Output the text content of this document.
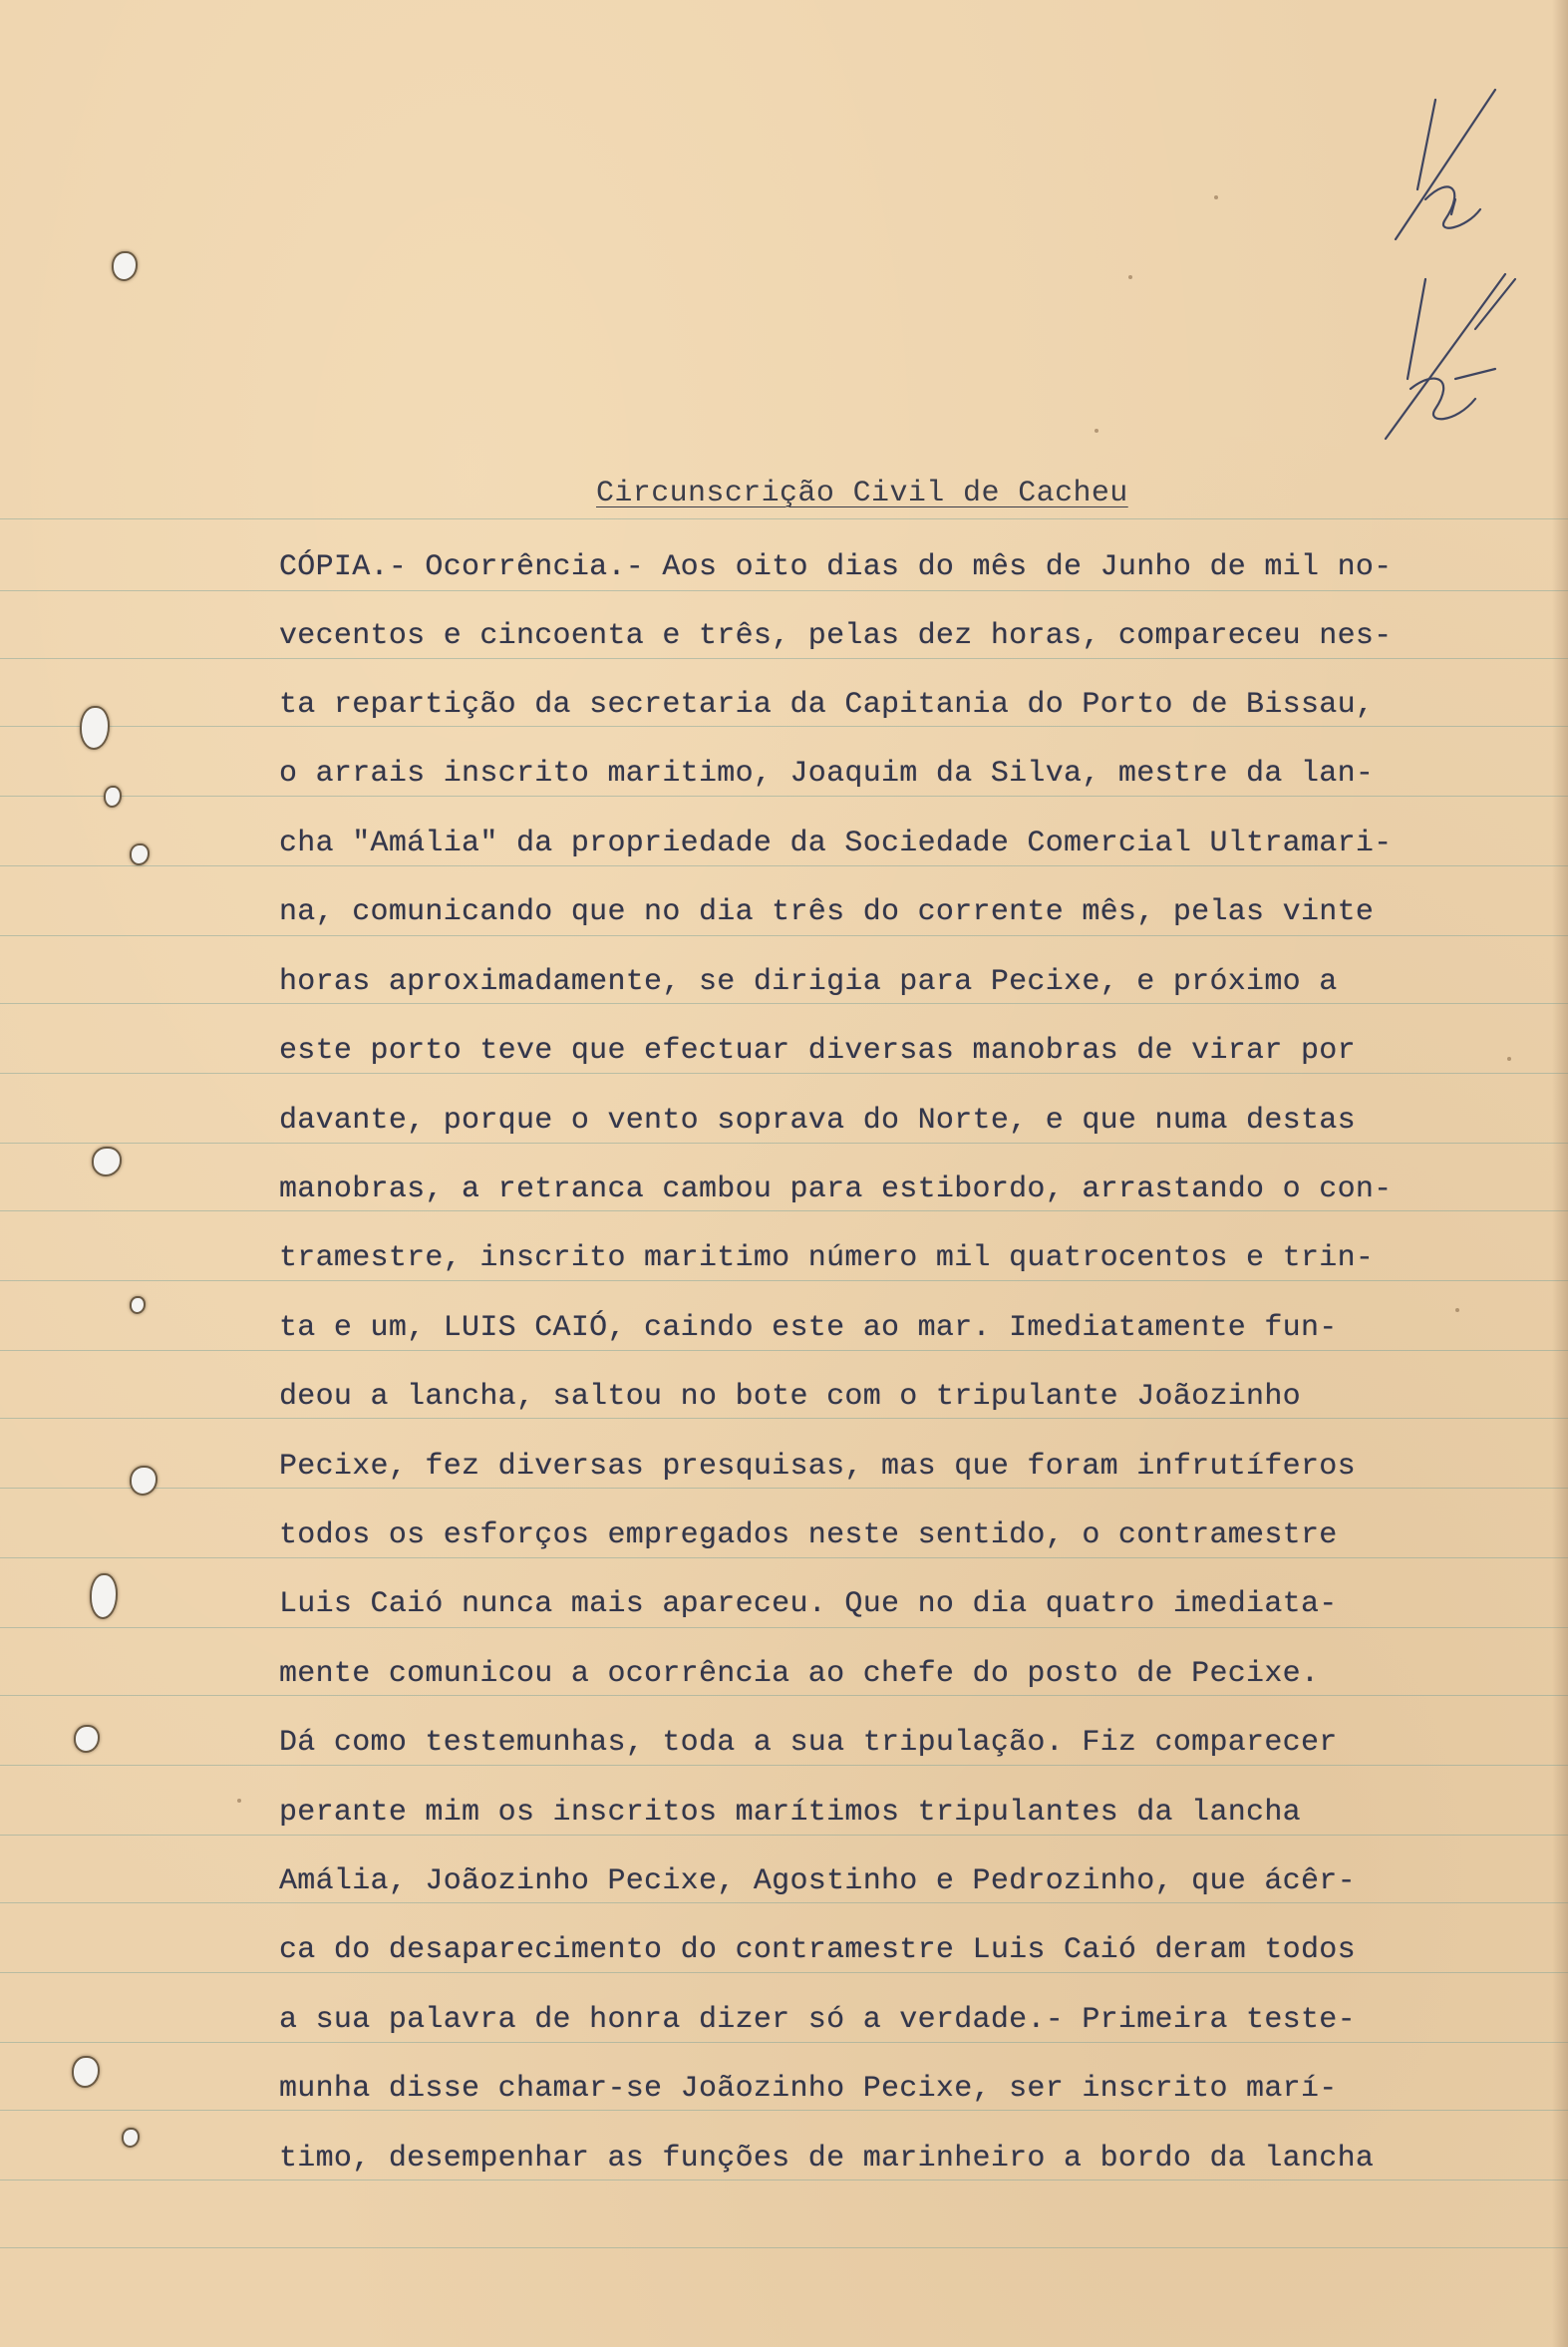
Circunscrição Civil de Cacheu
CÓPIA.- Ocorrência.- Aos oito dias do mês de Junho de mil no-
vecentos e cincoenta e três, pelas dez horas, compareceu nes-
ta repartição da secretaria da Capitania do Porto de Bissau,
o arrais inscrito maritimo, Joaquim da Silva, mestre da lan-
cha "Amália" da propriedade da Sociedade Comercial Ultramari-
na, comunicando que no dia três do corrente mês, pelas vinte
horas aproximadamente, se dirigia para Pecixe, e próximo a
este porto teve que efectuar diversas manobras de virar por
davante, porque o vento soprava do Norte, e que numa destas
manobras, a retranca cambou para estibordo, arrastando o con-
tramestre, inscrito maritimo número mil quatrocentos e trin-
ta e um, LUIS CAIÓ, caindo este ao mar. Imediatamente fun-
deou a lancha, saltou no bote com o tripulante Joãozinho
Pecixe, fez diversas presquisas, mas que foram infrutíferos
todos os esforços empregados neste sentido, o contramestre
Luis Caió nunca mais apareceu. Que no dia quatro imediata-
mente comunicou a ocorrência ao chefe do posto de Pecixe.
Dá como testemunhas, toda a sua tripulação. Fiz comparecer
perante mim os inscritos marítimos tripulantes da lancha
Amália, Joãozinho Pecixe, Agostinho e Pedrozinho, que ácêr-
ca do desaparecimento do contramestre Luis Caió deram todos
a sua palavra de honra dizer só a verdade.- Primeira teste-
munha disse chamar-se Joãozinho Pecixe, ser inscrito marí-
timo, desempenhar as funções de marinheiro a bordo da lancha
